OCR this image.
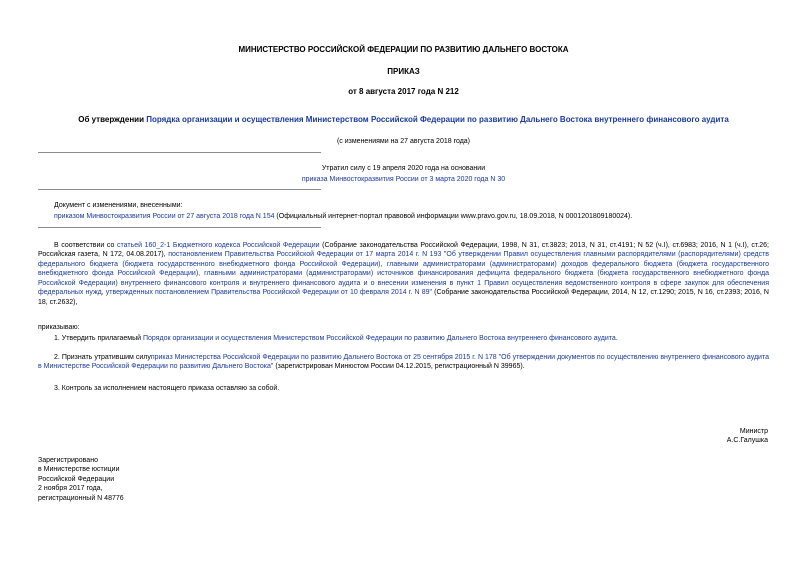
МИНИСТЕРСТВО РОССИЙСКОЙ ФЕДЕРАЦИИ ПО РАЗВИТИЮ ДАЛЬНЕГО ВОСТОКА
ПРИКАЗ
от 8 августа 2017 года N 212
Об утверждении Порядка организации и осуществления Министерством Российской Федерации по развитию Дальнего Востока внутреннего финансового аудита
(с изменениями на 27 августа 2018 года)
Утратил силу с 19 апреля 2020 года на основании
приказа Минвостокразвития России от 3 марта 2020 года N 30
Документ с изменениями, внесенными:
приказом Минвостокразвития России от 27 августа 2018 года N 154 (Официальный интернет-портал правовой информации www.pravo.gov.ru, 18.09.2018, N 0001201809180024).

В соответствии со статьей 160_2-1 Бюджетного кодекса Российской Федерации (Собрание законодательства Российской Федерации, 1998, N 31, ст.3823; 2013, N 31, ст.4191; N 52 (ч.I), ст.6983; 2016, N 1 (ч.I), ст.26; Российская газета, N 172, 04.08.2017), постановлением Правительства Российской Федерации от 17 марта 2014 г. N 193 "Об утверждении Правил осуществления главными распорядителями (распорядителями) средств федерального бюджета (бюджета государственного внебюджетного фонда Российской Федерации), главными администраторами (администраторами) доходов федерального бюджета (бюджета государственного внебюджетного фонда Российской Федерации), главными администраторами (администраторами) источников финансирования дефицита федерального бюджета (бюджета государственного внебюджетного фонда Российской Федерации) внутреннего финансового контроля и внутреннего финансового аудита и о внесении изменения в пункт 1 Правил осуществления ведомственного контроля в сфере закупок для обеспечения федеральных нужд, утвержденных постановлением Правительства Российской Федерации от 10 февраля 2014 г. N 89" (Собрание законодательства Российской Федерации, 2014, N 12, ст.1290; 2015, N 16, ст.2393; 2016, N 18, ст.2632),

приказываю:

1. Утвердить прилагаемый Порядок организации и осуществления Министерством Российской Федерации по развитию Дальнего Востока внутреннего финансового аудита.

2. Признать утратившим силуприказ Министерства Российской Федерации по развитию Дальнего Востока от 25 сентября 2015 г. N 178 "Об утверждении документов по осуществлению внутреннего финансового аудита в Министерстве Российской Федерации по развитию Дальнего Востока" (зарегистрирован Минюстом России 04.12.2015, регистрационный N 39965).

3. Контроль за исполнением настоящего приказа оставляю за собой.

Министр
А.С.Галушка
Зарегистрировано
в Министерстве юстиции
Российской Федерации
2 ноября 2017 года,
регистрационный N 48776
